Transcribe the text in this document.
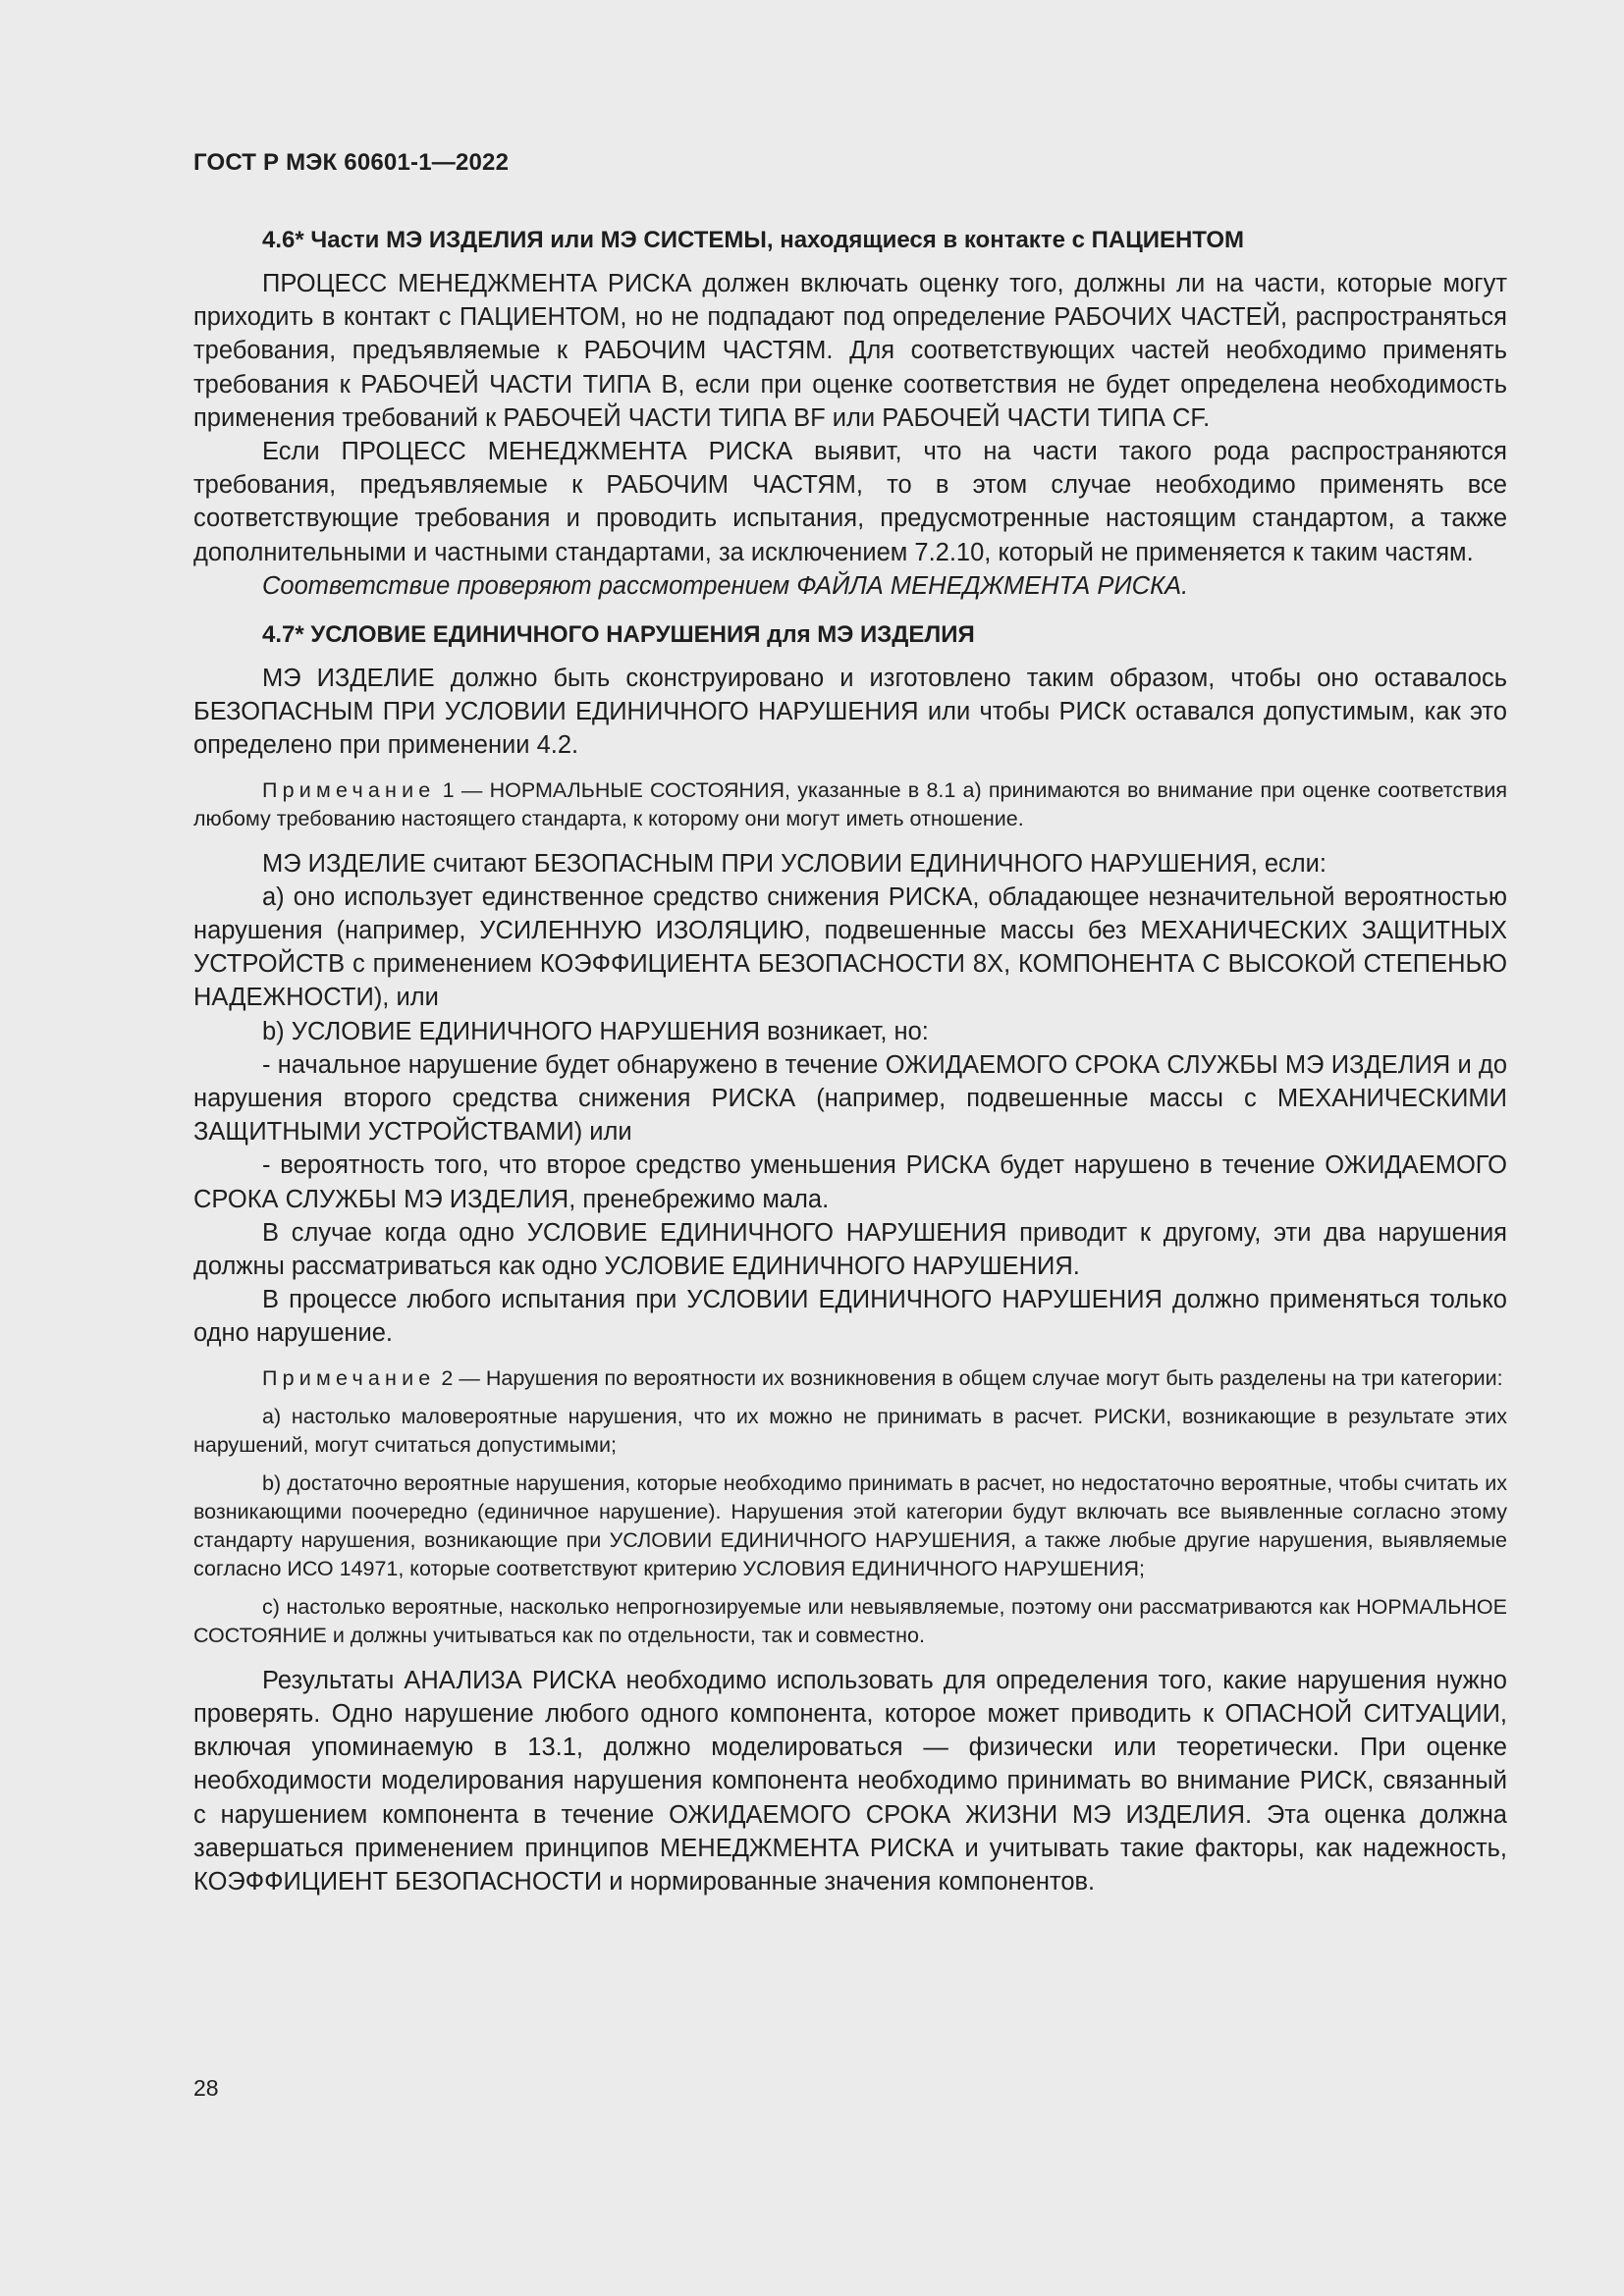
ГОСТ Р МЭК 60601-1—2022
4.6* Части МЭ ИЗДЕЛИЯ или МЭ СИСТЕМЫ, находящиеся в контакте с ПАЦИЕНТОМ

ПРОЦЕСС МЕНЕДЖМЕНТА РИСКА должен включать оценку того, должны ли на части, которые могут приходить в контакт с ПАЦИЕНТОМ, но не подпадают под определение РАБОЧИХ ЧАСТЕЙ, распространяться требования, предъявляемые к РАБОЧИМ ЧАСТЯМ. Для соответствующих частей необходимо применять требования к РАБОЧЕЙ ЧАСТИ ТИПА В, если при оценке соответствия не будет определена необходимость применения требований к РАБОЧЕЙ ЧАСТИ ТИПА BF или РАБОЧЕЙ ЧАСТИ ТИПА CF.

Если ПРОЦЕСС МЕНЕДЖМЕНТА РИСКА выявит, что на части такого рода распространяются требования, предъявляемые к РАБОЧИМ ЧАСТЯМ, то в этом случае необходимо применять все соответствующие требования и проводить испытания, предусмотренные настоящим стандартом, а также дополнительными и частными стандартами, за исключением 7.2.10, который не применяется к таким частям.

Соответствие проверяют рассмотрением ФАЙЛА МЕНЕДЖМЕНТА РИСКА.

4.7* УСЛОВИЕ ЕДИНИЧНОГО НАРУШЕНИЯ для МЭ ИЗДЕЛИЯ

МЭ ИЗДЕЛИЕ должно быть сконструировано и изготовлено таким образом, чтобы оно оставалось БЕЗОПАСНЫМ ПРИ УСЛОВИИ ЕДИНИЧНОГО НАРУШЕНИЯ или чтобы РИСК оставался допустимым, как это определено при применении 4.2.

Примечание 1 — НОРМАЛЬНЫЕ СОСТОЯНИЯ, указанные в 8.1 а) принимаются во внимание при оценке соответствия любому требованию настоящего стандарта, к которому они могут иметь отношение.

МЭ ИЗДЕЛИЕ считают БЕЗОПАСНЫМ ПРИ УСЛОВИИ ЕДИНИЧНОГО НАРУШЕНИЯ, если:

a) оно использует единственное средство снижения РИСКА, обладающее незначительной вероятностью нарушения (например, УСИЛЕННУЮ ИЗОЛЯЦИЮ, подвешенные массы без МЕХАНИЧЕСКИХ ЗАЩИТНЫХ УСТРОЙСТВ с применением КОЭФФИЦИЕНТА БЕЗОПАСНОСТИ 8X, КОМПОНЕНТА С ВЫСОКОЙ СТЕПЕНЬЮ НАДЕЖНОСТИ), или

b) УСЛОВИЕ ЕДИНИЧНОГО НАРУШЕНИЯ возникает, но:

- начальное нарушение будет обнаружено в течение ОЖИДАЕМОГО СРОКА СЛУЖБЫ МЭ ИЗДЕЛИЯ и до нарушения второго средства снижения РИСКА (например, подвешенные массы с МЕХАНИЧЕСКИМИ ЗАЩИТНЫМИ УСТРОЙСТВАМИ) или

- вероятность того, что второе средство уменьшения РИСКА будет нарушено в течение ОЖИДАЕМОГО СРОКА СЛУЖБЫ МЭ ИЗДЕЛИЯ, пренебрежимо мала.

В случае когда одно УСЛОВИЕ ЕДИНИЧНОГО НАРУШЕНИЯ приводит к другому, эти два нарушения должны рассматриваться как одно УСЛОВИЕ ЕДИНИЧНОГО НАРУШЕНИЯ.

В процессе любого испытания при УСЛОВИИ ЕДИНИЧНОГО НАРУШЕНИЯ должно применяться только одно нарушение.

Примечание 2 — Нарушения по вероятности их возникновения в общем случае могут быть разделены на три категории:

a) настолько маловероятные нарушения, что их можно не принимать в расчет. РИСКИ, возникающие в результате этих нарушений, могут считаться допустимыми;

b) достаточно вероятные нарушения, которые необходимо принимать в расчет, но недостаточно вероятные, чтобы считать их возникающими поочередно (единичное нарушение). Нарушения этой категории будут включать все выявленные согласно этому стандарту нарушения, возникающие при УСЛОВИИ ЕДИНИЧНОГО НАРУШЕНИЯ, а также любые другие нарушения, выявляемые согласно ИСО 14971, которые соответствуют критерию УСЛОВИЯ ЕДИНИЧНОГО НАРУШЕНИЯ;

c) настолько вероятные, насколько непрогнозируемые или невыявляемые, поэтому они рассматриваются как НОРМАЛЬНОЕ СОСТОЯНИЕ и должны учитываться как по отдельности, так и совместно.

Результаты АНАЛИЗА РИСКА необходимо использовать для определения того, какие нарушения нужно проверять. Одно нарушение любого одного компонента, которое может приводить к ОПАСНОЙ СИТУАЦИИ, включая упоминаемую в 13.1, должно моделироваться — физически или теоретически. При оценке необходимости моделирования нарушения компонента необходимо принимать во внимание РИСК, связанный с нарушением компонента в течение ОЖИДАЕМОГО СРОКА ЖИЗНИ МЭ ИЗДЕЛИЯ. Эта оценка должна завершаться применением принципов МЕНЕДЖМЕНТА РИСКА и учитывать такие факторы, как надежность, КОЭФФИЦИЕНТ БЕЗОПАСНОСТИ и нормированные значения компонентов.

28
